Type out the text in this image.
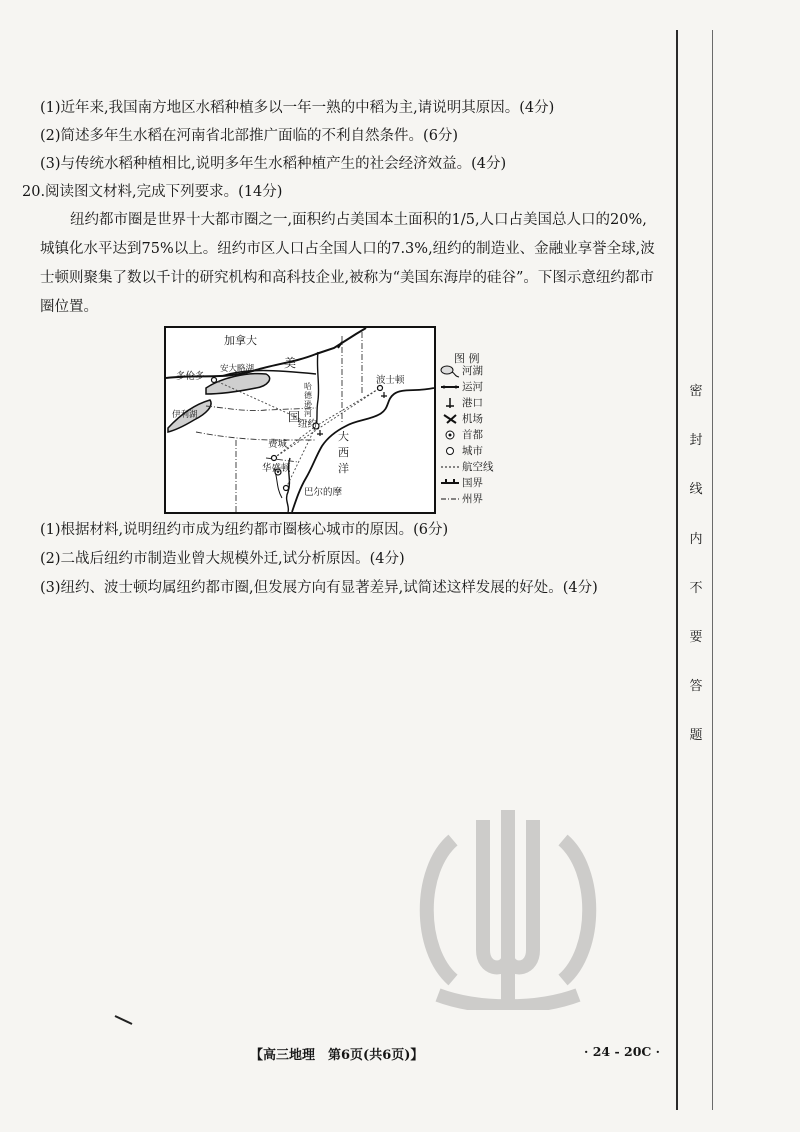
(1)近年来,我国南方地区水稻种植多以一年一熟的中稻为主,请说明其原因。(4分)
(2)简述多年生水稻在河南省北部推广面临的不利自然条件。(6分)
(3)与传统水稻种植相比,说明多年生水稻种植产生的社会经济效益。(4分)
20.阅读图文材料,完成下列要求。(14分)
纽约都市圈是世界十大都市圈之一,面积约占美国本土面积的1/5,人口占美国总人口的20%,城镇化水平达到75%以上。纽约市区人口占全国人口的7.3%,纽约的制造业、金融业享誉全球,波士顿则聚集了数以千计的研究机构和高科技企业,被称为“美国东海岸的硅谷”。下图示意纽约都市圈位置。
加拿大
美
国
多伦多
安大略湖
伊利湖
波士顿
哈德逊河
纽约
费城
华盛顿
巴尔的摩
大
西
洋
图 例
河湖
运河
港口
机场
首都
城市
航空线
国界
州界
(1)根据材料,说明纽约市成为纽约都市圈核心城市的原因。(6分)
(2)二战后纽约市制造业曾大规模外迁,试分析原因。(4分)
(3)纽约、波士顿均属纽约都市圈,但发展方向有显著差异,试简述这样发展的好处。(4分)
密
封
线
内
不
要
答
题
【高三地理　第6页(共6页)】	· 24 - 20C ·
